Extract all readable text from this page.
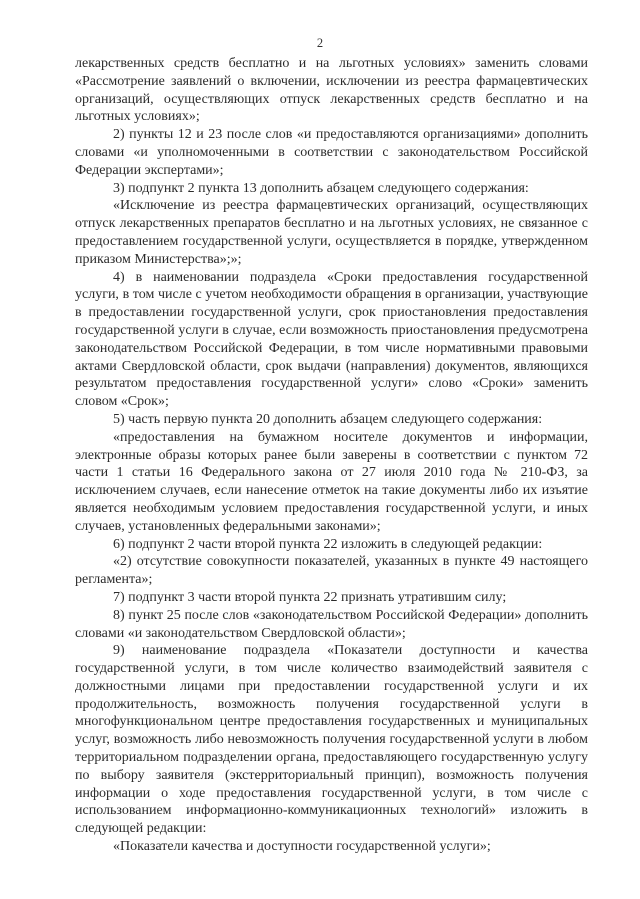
2

лекарственных средств бесплатно и на льготных условиях» заменить словами «Рассмотрение заявлений о включении, исключении из реестра фармацевтических организаций, осуществляющих отпуск лекарственных средств бесплатно и на льготных условиях»;

2) пункты 12 и 23 после слов «и предоставляются организациями» дополнить словами «и уполномоченными в соответствии с законодательством Российской Федерации экспертами»;

3) подпункт 2 пункта 13 дополнить абзацем следующего содержания:

«Исключение из реестра фармацевтических организаций, осуществляющих отпуск лекарственных препаратов бесплатно и на льготных условиях, не связанное с предоставлением государственной услуги, осуществляется в порядке, утвержденном приказом Министерства»;»;

4) в наименовании подраздела «Сроки предоставления государственной услуги, в том числе с учетом необходимости обращения в организации, участвующие в предоставлении государственной услуги, срок приостановления предоставления государственной услуги в случае, если возможность приостановления предусмотрена законодательством Российской Федерации, в том числе нормативными правовыми актами Свердловской области, срок выдачи (направления) документов, являющихся результатом предоставления государственной услуги» слово «Сроки» заменить словом «Срок»;

5) часть первую пункта 20 дополнить абзацем следующего содержания:

«предоставления на бумажном носителе документов и информации, электронные образы которых ранее были заверены в соответствии с пунктом 72 части 1 статьи 16 Федерального закона от 27 июля 2010 года № 210-ФЗ, за исключением случаев, если нанесение отметок на такие документы либо их изъятие является необходимым условием предоставления государственной услуги, и иных случаев, установленных федеральными законами»;

6) подпункт 2 части второй пункта 22 изложить в следующей редакции:

«2) отсутствие совокупности показателей, указанных в пункте 49 настоящего регламента»;

7) подпункт 3 части второй пункта 22 признать утратившим силу;

8) пункт 25 после слов «законодательством Российской Федерации» дополнить словами «и законодательством Свердловской области»;

9) наименование подраздела «Показатели доступности и качества государственной услуги, в том числе количество взаимодействий заявителя с должностными лицами при предоставлении государственной услуги и их продолжительность, возможность получения государственной услуги в многофункциональном центре предоставления государственных и муниципальных услуг, возможность либо невозможность получения государственной услуги в любом территориальном подразделении органа, предоставляющего государственную услугу по выбору заявителя (экстерриториальный принцип), возможность получения информации о ходе предоставления государственной услуги, в том числе с использованием информационно-коммуникационных технологий» изложить в следующей редакции:

«Показатели качества и доступности государственной услуги»;
